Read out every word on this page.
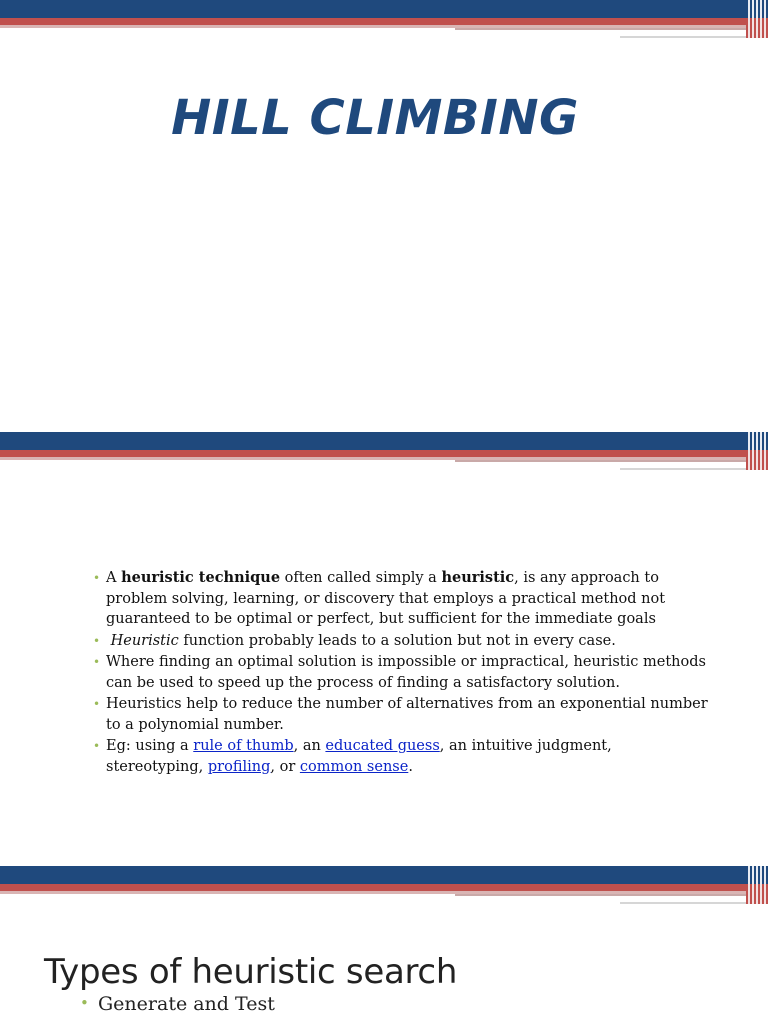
HILL CLIMBING
• A heuristic technique often called simply a heuristic, is any approach to problem solving, learning, or discovery that employs a practical method not guaranteed to be optimal or perfect, but sufficient for the immediate goals
• Heuristic function probably leads to a solution but not in every case.
• Where finding an optimal solution is impossible or impractical, heuristic methods can be used to speed up the process of finding a satisfactory solution.
• Heuristics help to reduce the number of alternatives from an exponential number to a polynomial number.
• Eg: using a rule of thumb, an educated guess, an intuitive judgment, stereotyping, profiling, or common sense.
Types of heuristic search
• Generate and Test
